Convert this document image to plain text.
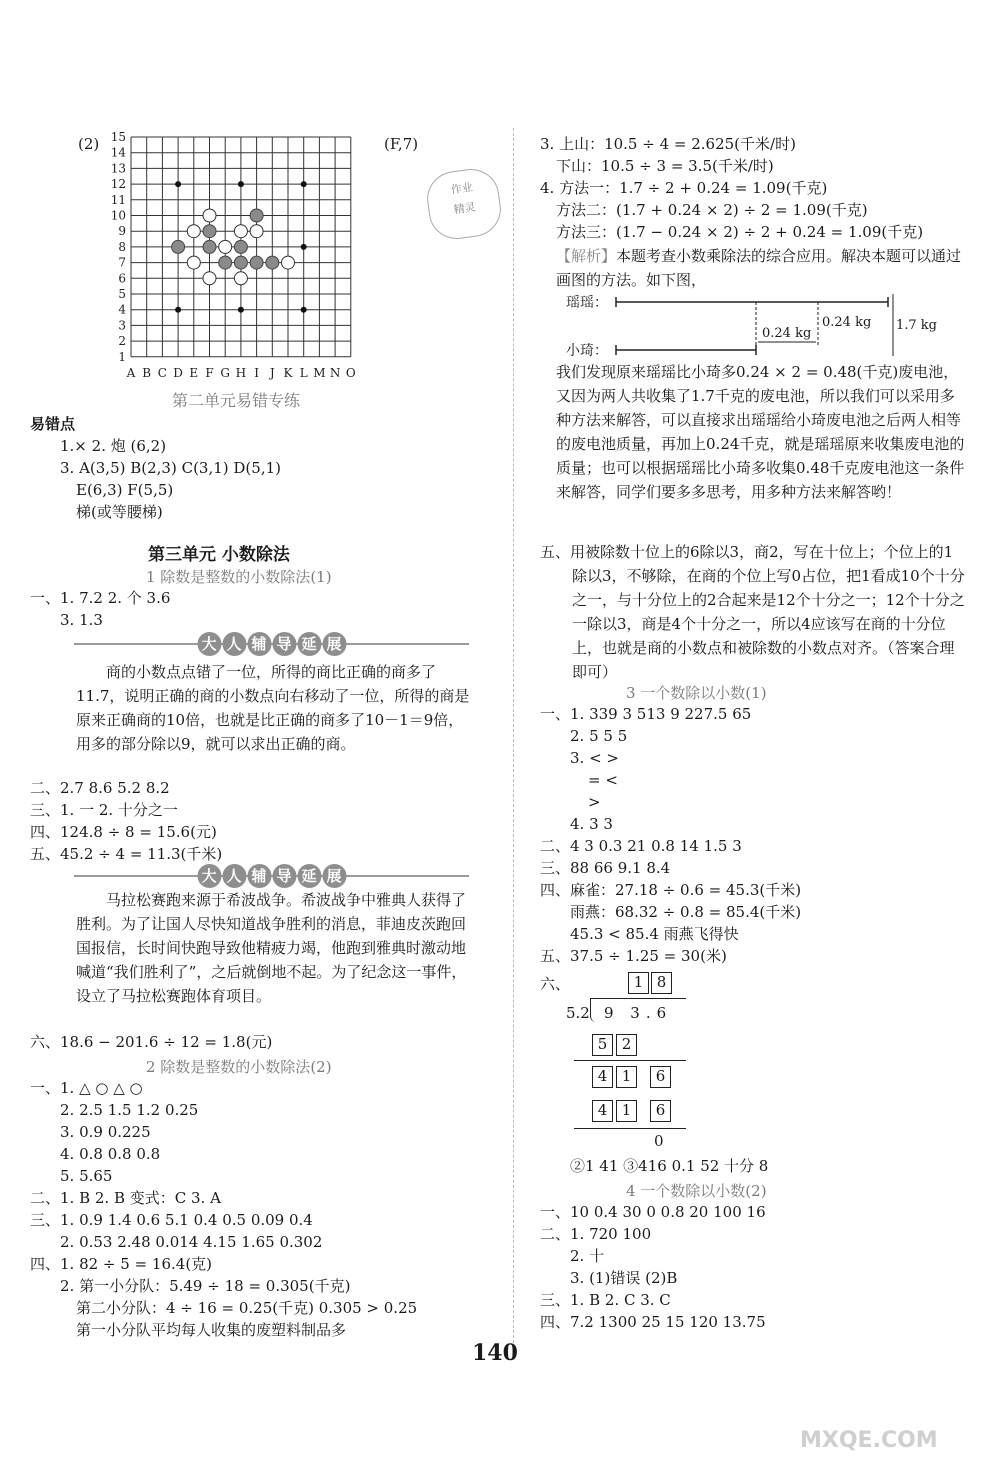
(2) 15
14
13
12
11
10
9
8
7
6
5
4
3
2
1
A B C D E F G H I J K L M N O
(F,7)
作业
精灵
第二单元易错专练
易错点
1.× 2. 炮 (6,2)
3. A(3,5) B(2,3) C(3,1) D(5,1)
E(6,3) F(5,5)
梯(或等腰梯)
第三单元 小数除法
1 除数是整数的小数除法(1)
一、1. 7.2 2. 个 3.6
3. 1.3
大 人 辅 导 延 展
商的小数点点错了一位，所得的商比正确的商多了11.7，说明正确的商的小数点向右移动了一位，所得的商是原来正确商的10倍，也就是比正确的商多了10－1＝9倍，用多的部分除以9，就可以求出正确的商。
二、2.7 8.6 5.2 8.2
三、1. 一 2. 十分之一
四、124.8 ÷ 8 = 15.6(元)
五、45.2 ÷ 4 = 11.3(千米)
大 人 辅 导 延 展
马拉松赛跑来源于希波战争。希波战争中雅典人获得了胜利。为了让国人尽快知道战争胜利的消息，菲迪皮茨跑回国报信，长时间快跑导致他精疲力竭，他跑到雅典时激动地喊道“我们胜利了”，之后就倒地不起。为了纪念这一事件，设立了马拉松赛跑体育项目。
六、18.6 − 201.6 ÷ 12 = 1.8(元)
2 除数是整数的小数除法(2)
一、1. △ ○ △ ○
2. 2.5 1.5 1.2 0.25
3. 0.9 0.225
4. 0.8 0.8 0.8
5. 5.65
二、1. B 2. B 变式：C 3. A
三、1. 0.9 1.4 0.6 5.1 0.4 0.5 0.09 0.4
2. 0.53 2.48 0.014 4.15 1.65 0.302
四、1. 82 ÷ 5 = 16.4(克)
2. 第一小分队：5.49 ÷ 18 = 0.305(千克)
第二小分队：4 ÷ 16 = 0.25(千克) 0.305 > 0.25
第一小分队平均每人收集的废塑料制品多
3. 上山：10.5 ÷ 4 = 2.625(千米/时)
下山：10.5 ÷ 3 = 3.5(千米/时)
4. 方法一：1.7 ÷ 2 + 0.24 = 1.09(千克)
方法二：(1.7 + 0.24 × 2) ÷ 2 = 1.09(千克)
方法三：(1.7 − 0.24 × 2) ÷ 2 + 0.24 = 1.09(千克)
【解析】本题考查小数乘除法的综合应用。解决本题可以通过画图的方法。如下图，
瑶瑶：
小琦：
0.24 kg
0.24 kg 1.7 kg
我们发现原来瑶瑶比小琦多0.24 × 2 = 0.48(千克)废电池，又因为两人共收集了1.7千克的废电池，所以我们可以采用多种方法来解答，可以直接求出瑶瑶给小琦废电池之后两人相等的废电池质量，再加上0.24千克，就是瑶瑶原来收集废电池的质量；也可以根据瑶瑶比小琦多收集0.48千克废电池这一条件来解答，同学们要多多思考，用多种方法来解答哟！
五、用被除数十位上的6除以3，商2，写在十位上；个位上的1除以3，不够除，在商的个位上写0占位，把1看成10个十分之一，与十分位上的2合起来是12个十分之一；12个十分之一除以3，商是4个十分之一，所以4应该写在商的十分位上，也就是商的小数点和被除数的小数点对齐。（答案合理即可）
3 一个数除以小数(1)
一、1. 339 3 513 9 227.5 65
2. 5 5 5
3. < >
= <
>
4. 3 3
二、4 3 0.3 21 0.8 14 1.5 3
三、88 66 9.1 8.4
四、麻雀：27.18 ÷ 0.6 = 45.3(千米)
雨燕：68.32 ÷ 0.8 = 85.4(千米)
45.3 < 85.4 雨燕飞得快
五、37.5 ÷ 1.25 = 30(米)
六、	1 8
5.2 9 3.6
5 2
4 1	6
4 1	6
0
②1 41 ③416 0.1 52 十分 8
4 一个数除以小数(2)
一、10 0.4 30 0 0.8 20 100 16
二、1. 720 100
2. 十
3. (1)错误 (2)B
三、1. B 2. C 3. C
四、7.2 1300 25 15 120 13.75
140
MXQE.COM
